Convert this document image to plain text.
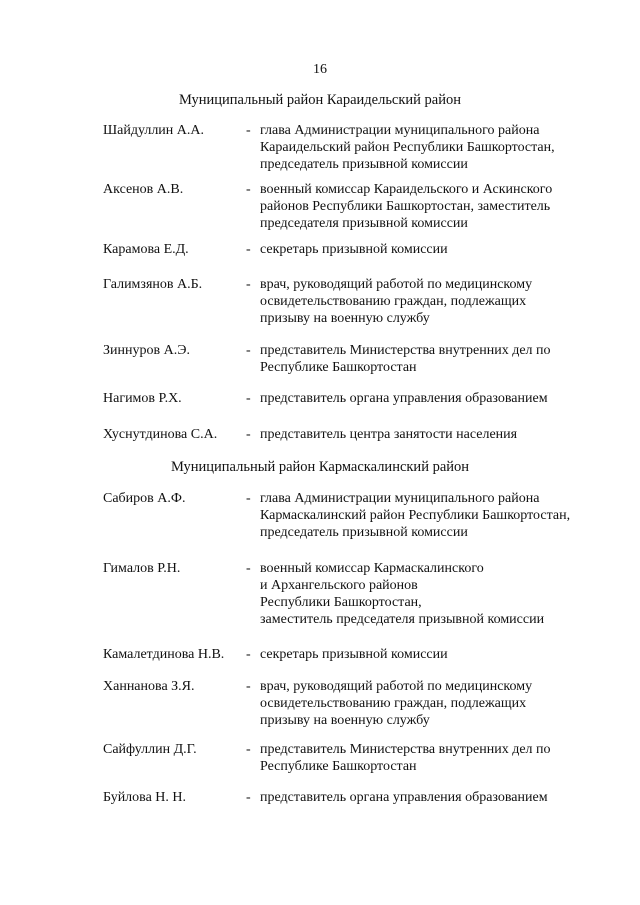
16
Муниципальный район Караидельский район
Шайдуллин А.А.	- глава Администрации муниципального района
Караидельский район Республики Башкортостан,
председатель призывной комиссии
Аксенов А.В.	- военный комиссар Караидельского и Аскинского
районов Республики Башкортостан, заместитель
председателя призывной комиссии
Карамова Е.Д.	- секретарь призывной комиссии
Галимзянов А.Б.	- врач, руководящий работой по медицинскому
освидетельствованию граждан, подлежащих
призыву на военную службу
Зиннуров А.Э.	- представитель Министерства внутренних дел по
Республике Башкортостан
Нагимов Р.Х.	- представитель органа управления образованием
Хуснутдинова С.А. - представитель центра занятости населения
Муниципальный район Кармаскалинский район
Сабиров А.Ф.	- глава Администрации муниципального района
Кармаскалинский район Республики Башкортостан,
председатель призывной комиссии
Гималов Р.Н.	- военный комиссар Кармаскалинского
и Архангельского районов
Республики Башкортостан,
заместитель председателя призывной комиссии
Камалетдинова Н.В. - секретарь призывной комиссии
Ханнанова З.Я.	- врач, руководящий работой по медицинскому
освидетельствованию граждан, подлежащих
призыву на военную службу
Сайфуллин Д.Г.	- представитель Министерства внутренних дел по
Республике Башкортостан
Буйлова Н. Н.	- представитель органа управления образованием
